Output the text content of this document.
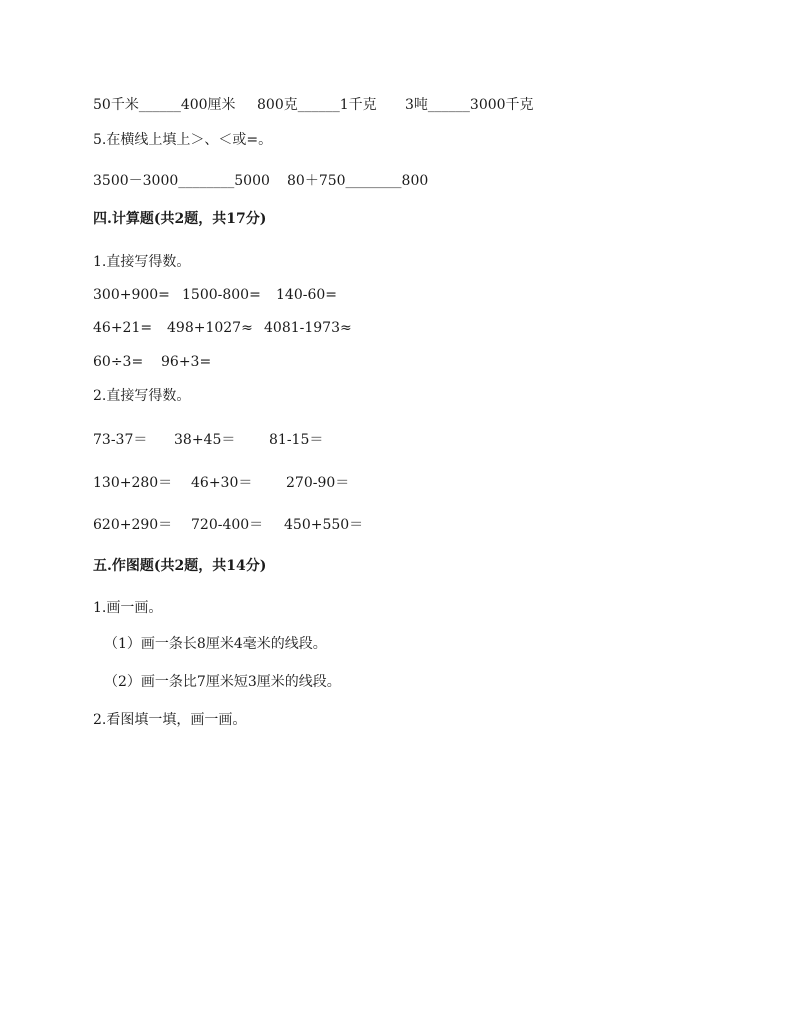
50千米______400厘米 800克______1千克 3吨______3000千克
5.在横线上填上＞、＜或=。
3500－3000________5000 80＋750________800
四.计算题(共2题，共17分)
1.直接写得数。
300+900= 1500-800= 140-60=
46+21= 498+1027≈ 4081-1973≈
60÷3= 96+3=
2.直接写得数。
73-37＝ 38+45＝ 81-15＝
130+280＝ 46+30＝ 270-90＝
620+290＝ 720-400＝ 450+550＝
五.作图题(共2题，共14分)
1.画一画。
（1）画一条长8厘米4毫米的线段。
（2）画一条比7厘米短3厘米的线段。
2.看图填一填，画一画。
